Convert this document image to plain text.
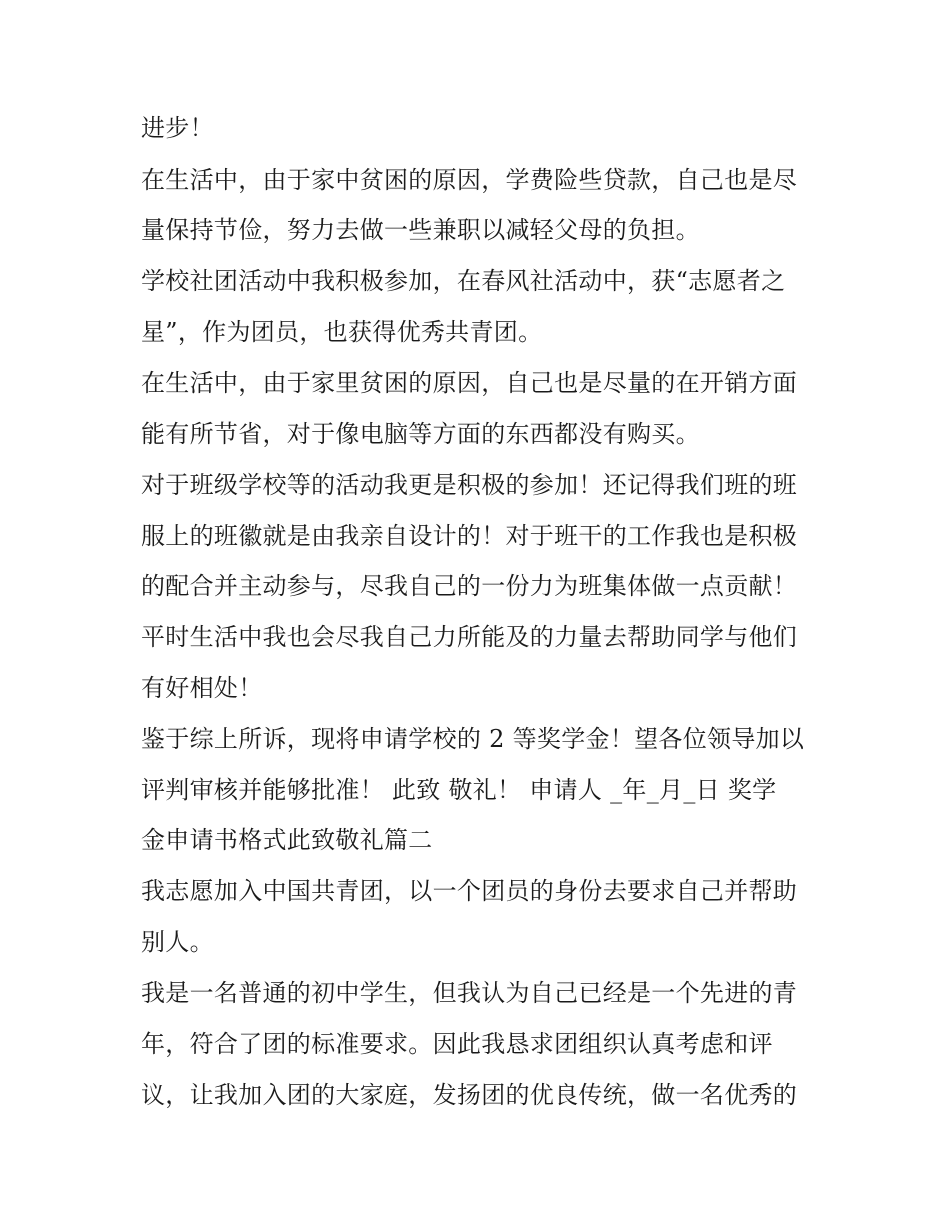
进步！
在生活中，由于家中贫困的原因，学费险些贷款，自己也是尽
量保持节俭，努力去做一些兼职以减轻父母的负担。
学校社团活动中我积极参加，在春风社活动中，获“志愿者之
星”，作为团员，也获得优秀共青团。
在生活中，由于家里贫困的原因，自己也是尽量的在开销方面
能有所节省，对于像电脑等方面的东西都没有购买。
对于班级学校等的活动我更是积极的参加！还记得我们班的班
服上的班徽就是由我亲自设计的！对于班干的工作我也是积极
的配合并主动参与，尽我自己的一份力为班集体做一点贡献！
平时生活中我也会尽我自己力所能及的力量去帮助同学与他们
有好相处！
鉴于综上所诉，现将申请学校的 2 等奖学金！望各位领导加以
评判审核并能够批准！ 此致 敬礼！ 申请人 _年_月_日 奖学
金申请书格式此致敬礼篇二
我志愿加入中国共青团，以一个团员的身份去要求自己并帮助
别人。
我是一名普通的初中学生，但我认为自己已经是一个先进的青
年，符合了团的标准要求。因此我恳求团组织认真考虑和评
议，让我加入团的大家庭，发扬团的优良传统，做一名优秀的
